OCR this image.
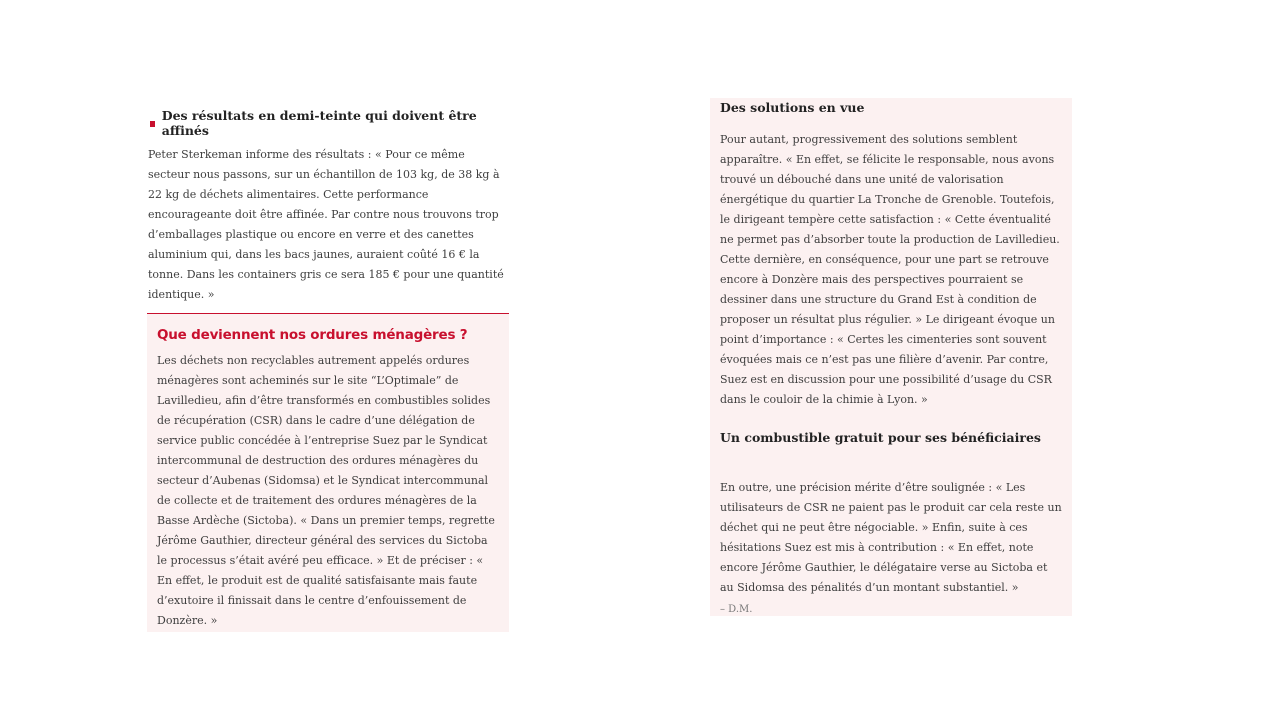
Des résultats en demi-teinte qui doivent être affinés

Peter Sterkeman informe des résultats : « Pour ce même secteur nous passons, sur un échantillon de 103 kg, de 38 kg à 22 kg de déchets alimentaires. Cette performance encourageante doit être affinée. Par contre nous trouvons trop d’emballages plastique ou encore en verre et des canettes aluminium qui, dans les bacs jaunes, auraient coûté 16 € la tonne. Dans les containers gris ce sera 185 € pour une quantité identique. »

Que deviennent nos ordures ménagères ?

Les déchets non recyclables autrement appelés ordures ménagères sont acheminés sur le site “L’Optimale” de Lavilledieu, afin d’être transformés en combustibles solides de récupération (CSR) dans le cadre d’une délégation de service public concédée à l’entreprise Suez par le Syndicat intercommunal de destruction des ordures ménagères du secteur d’Aubenas (Sidomsa) et le Syndicat intercommunal de collecte et de traitement des ordures ménagères de la Basse Ardèche (Sictoba). « Dans un premier temps, regrette Jérôme Gauthier, directeur général des services du Sictoba le processus s’était avéré peu efficace. » Et de préciser : « En effet, le produit est de qualité satisfaisante mais faute d’exutoire il finissait dans le centre d’enfouissement de Donzère. »

Des solutions en vue

Pour autant, progressivement des solutions semblent apparaître. « En effet, se félicite le responsable, nous avons trouvé un débouché dans une unité de valorisation énergétique du quartier La Tronche de Grenoble. Toutefois, le dirigeant tempère cette satisfaction : « Cette éventualité ne permet pas d’absorber toute la production de Lavilledieu. Cette dernière, en conséquence, pour une part se retrouve encore à Donzère mais des perspectives pourraient se dessiner dans une structure du Grand Est à condition de proposer un résultat plus régulier. » Le dirigeant évoque un point d’importance : « Certes les cimenteries sont souvent évoquées mais ce n’est pas une filière d’avenir. Par contre, Suez est en discussion pour une possibilité d’usage du CSR dans le couloir de la chimie à Lyon. »

Un combustible gratuit pour ses bénéficiaires

En outre, une précision mérite d’être soulignée : « Les utilisateurs de CSR ne paient pas le produit car cela reste un déchet qui ne peut être négociable. » Enfin, suite à ces hésitations Suez est mis à contribution : « En effet, note encore Jérôme Gauthier, le délégataire verse au Sictoba et au Sidomsa des pénalités d’un montant substantiel. »

– D.M.
